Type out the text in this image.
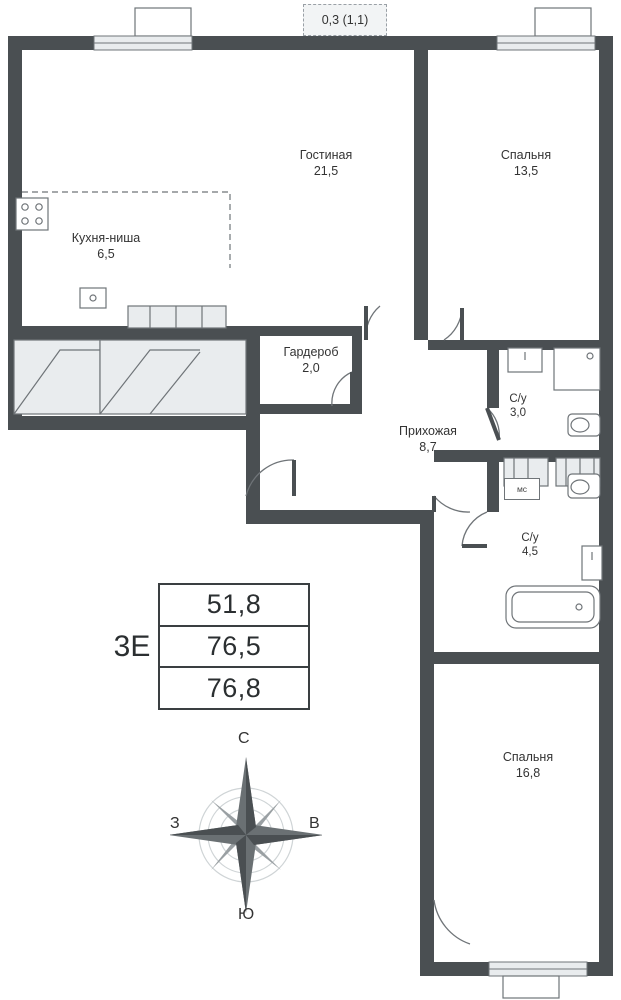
0,3 (1,1)
Гостиная
21,5
Спальня
13,5
Кухня-ниша
6,5
Гардероб
2,0
Прихожая
8,7
С/у
3,0
С/у
4,5
Спальня
16,8
мс
3Е
51,8
76,5
76,8
С
Ю
З	В
